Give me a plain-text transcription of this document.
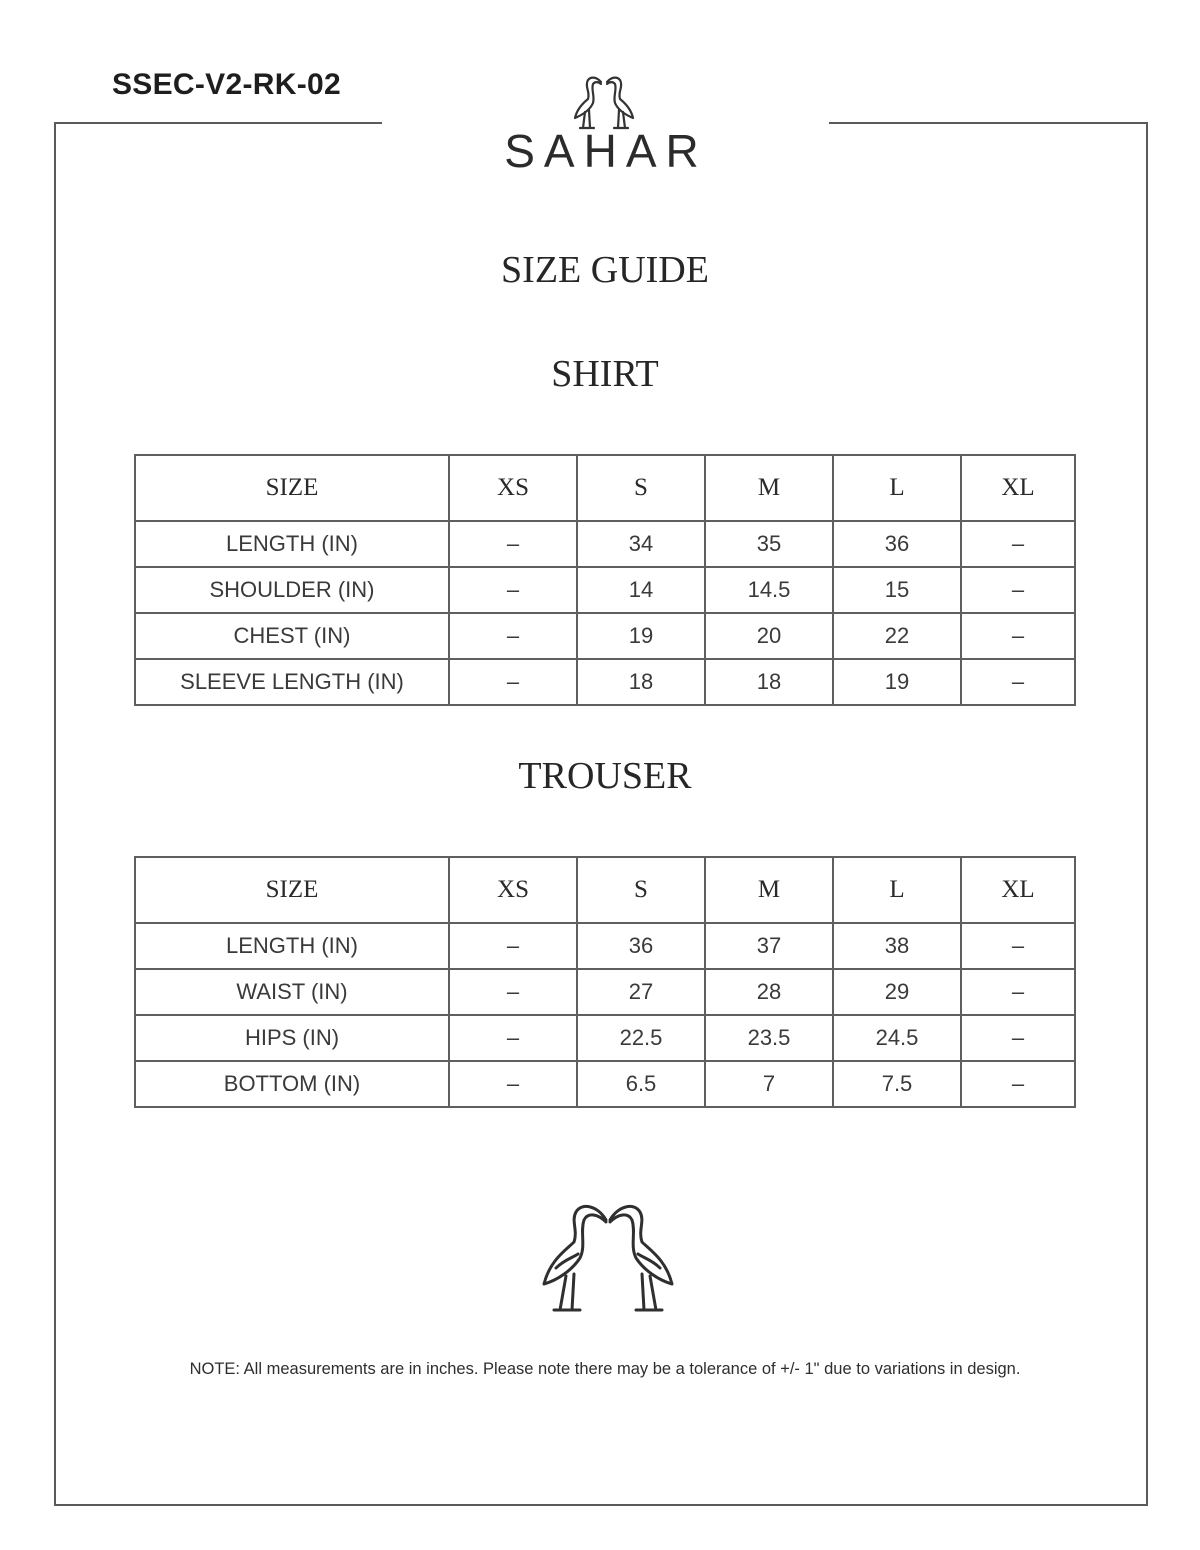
SSEC-V2-RK-02
SAHAR
SIZE GUIDE
SHIRT
SIZE	XS	S	M	L	XL
LENGTH (IN)	–	34	35	36	–
SHOULDER (IN)	–	14	14.5	15	–
CHEST (IN)	–	19	20	22	–
SLEEVE LENGTH (IN)	–	18	18	19	–
TROUSER
SIZE	XS	S	M	L	XL
LENGTH (IN)	–	36	37	38	–
WAIST (IN)	–	27	28	29	–
HIPS (IN)	–	22.5	23.5	24.5	–
BOTTOM (IN)	–	6.5	7	7.5	–
NOTE: All measurements are in inches. Please note there may be a tolerance of +/- 1" due to variations in design.
